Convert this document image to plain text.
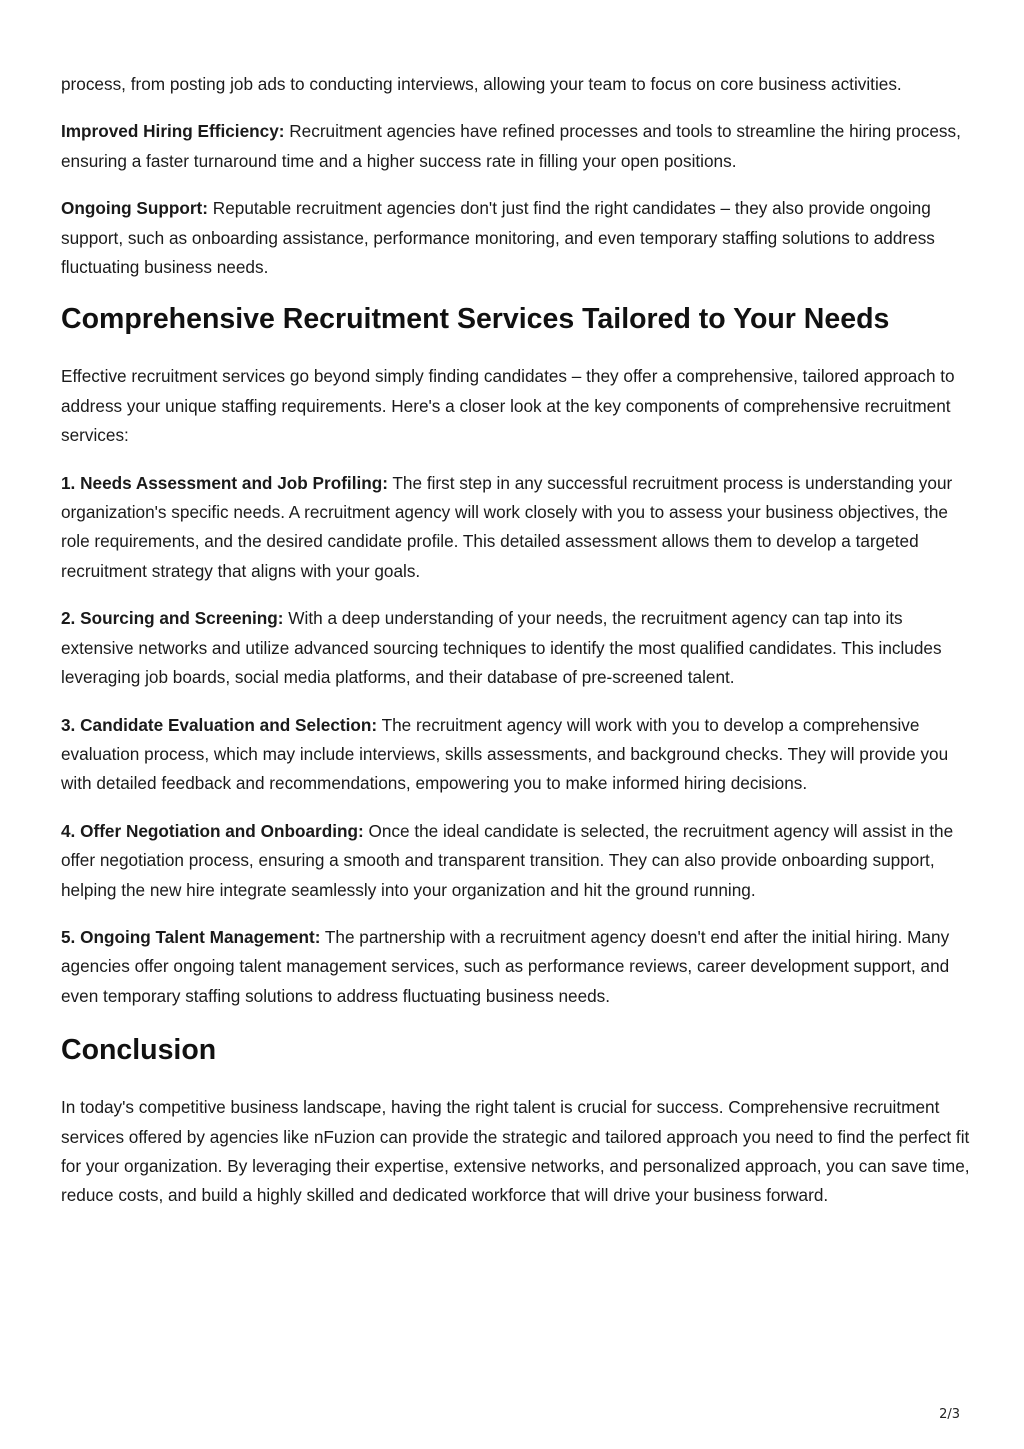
process, from posting job ads to conducting interviews, allowing your team to focus on core business activities.

Improved Hiring Efficiency: Recruitment agencies have refined processes and tools to streamline the hiring process, ensuring a faster turnaround time and a higher success rate in filling your open positions.

Ongoing Support: Reputable recruitment agencies don't just find the right candidates – they also provide ongoing support, such as onboarding assistance, performance monitoring, and even temporary staffing solutions to address fluctuating business needs.

Comprehensive Recruitment Services Tailored to Your Needs

Effective recruitment services go beyond simply finding candidates – they offer a comprehensive, tailored approach to address your unique staffing requirements. Here's a closer look at the key components of comprehensive recruitment services:

1. Needs Assessment and Job Profiling: The first step in any successful recruitment process is understanding your organization's specific needs. A recruitment agency will work closely with you to assess your business objectives, the role requirements, and the desired candidate profile. This detailed assessment allows them to develop a targeted recruitment strategy that aligns with your goals.

2. Sourcing and Screening: With a deep understanding of your needs, the recruitment agency can tap into its extensive networks and utilize advanced sourcing techniques to identify the most qualified candidates. This includes leveraging job boards, social media platforms, and their database of pre-screened talent.

3. Candidate Evaluation and Selection: The recruitment agency will work with you to develop a comprehensive evaluation process, which may include interviews, skills assessments, and background checks. They will provide you with detailed feedback and recommendations, empowering you to make informed hiring decisions.

4. Offer Negotiation and Onboarding: Once the ideal candidate is selected, the recruitment agency will assist in the offer negotiation process, ensuring a smooth and transparent transition. They can also provide onboarding support, helping the new hire integrate seamlessly into your organization and hit the ground running.

5. Ongoing Talent Management: The partnership with a recruitment agency doesn't end after the initial hiring. Many agencies offer ongoing talent management services, such as performance reviews, career development support, and even temporary staffing solutions to address fluctuating business needs.

Conclusion

In today's competitive business landscape, having the right talent is crucial for success. Comprehensive recruitment services offered by agencies like nFuzion can provide the strategic and tailored approach you need to find the perfect fit for your organization. By leveraging their expertise, extensive networks, and personalized approach, you can save time, reduce costs, and build a highly skilled and dedicated workforce that will drive your business forward.

2/3
